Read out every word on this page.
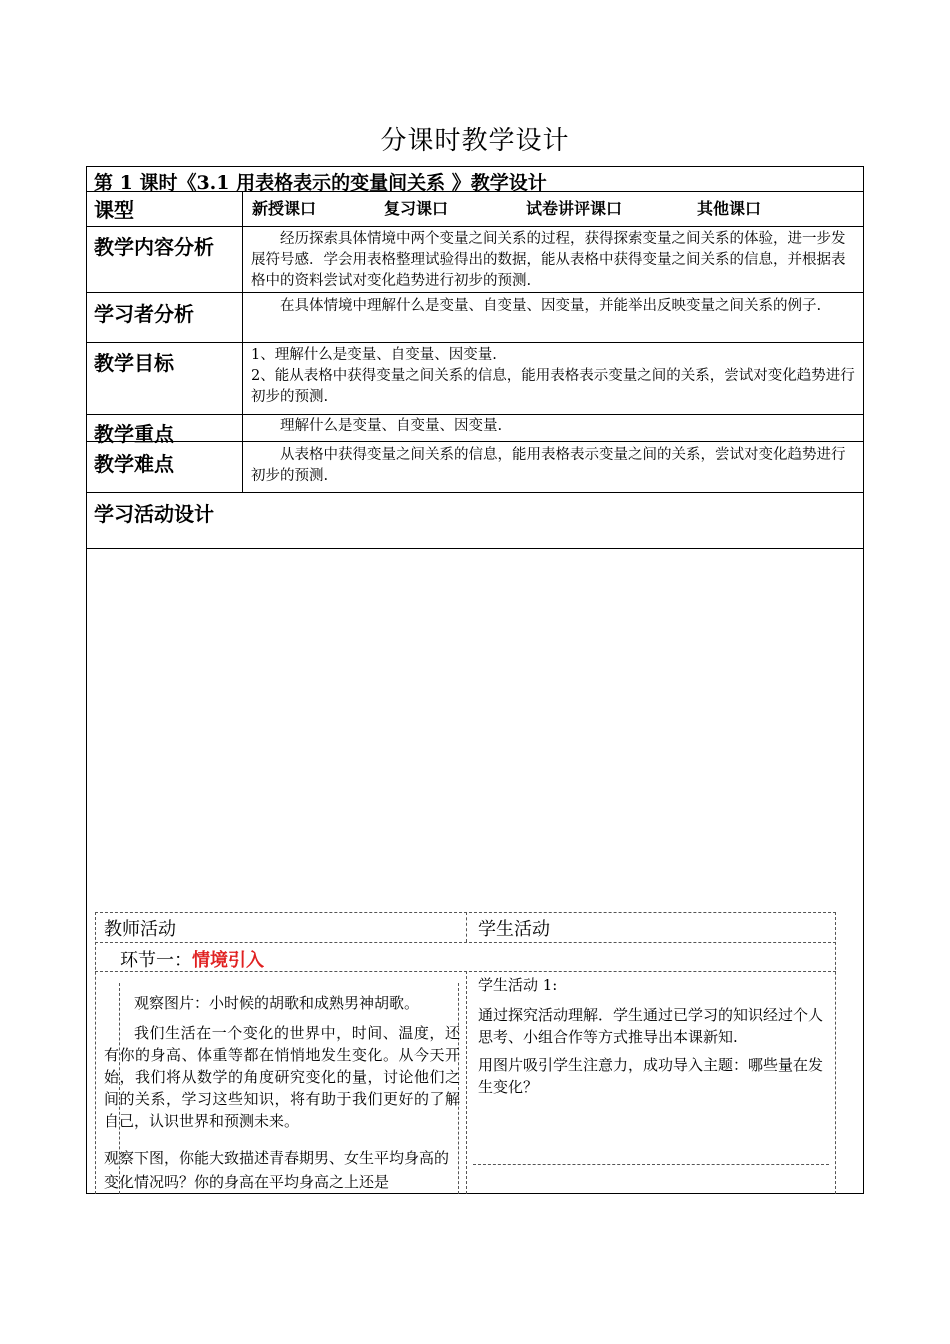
分课时教学设计
第 1 课时《3.1 用表格表示的变量间关系 》教学设计
课型	新授课口	复习课口	试卷讲评课口	其他课口
教学内容分析	经历探索具体情境中两个变量之间关系的过程，获得探索变量之间关系的体验，进一步发展符号感．学会用表格整理试验得出的数据，能从表格中获得变量之间关系的信息，并根据表格中的资料尝试对变化趋势进行初步的预测.
学习者分析	在具体情境中理解什么是变量、自变量、因变量，并能举出反映变量之间关系的例子.
教学目标	1、理解什么是变量、自变量、因变量.
2、能从表格中获得变量之间关系的信息，能用表格表示变量之间的关系，尝试对变化趋势进行初步的预测.
教学重点	理解什么是变量、自变量、因变量.
教学难点	从表格中获得变量之间关系的信息，能用表格表示变量之间的关系，尝试对变化趋势进行初步的预测.
学习活动设计
教师活动	学生活动
环节一：情境引入
观察图片：小时候的胡歌和成熟男神胡歌。
我们生活在一个变化的世界中，时间、温度，还有你的身高、体重等都在悄悄地发生变化。从今天开始，我们将从数学的角度研究变化的量，讨论他们之间的关系，学习这些知识，将有助于我们更好的了解自己，认识世界和预测未来。
观察下图，你能大致描述青春期男、女生平均身高的变化情况吗？你的身高在平均身高之上还是
学生活动 1:
通过探究活动理解．学生通过已学习的知识经过个人思考、小组合作等方式推导出本课新知.
用图片吸引学生注意力，成功导入主题：哪些量在发生变化？
